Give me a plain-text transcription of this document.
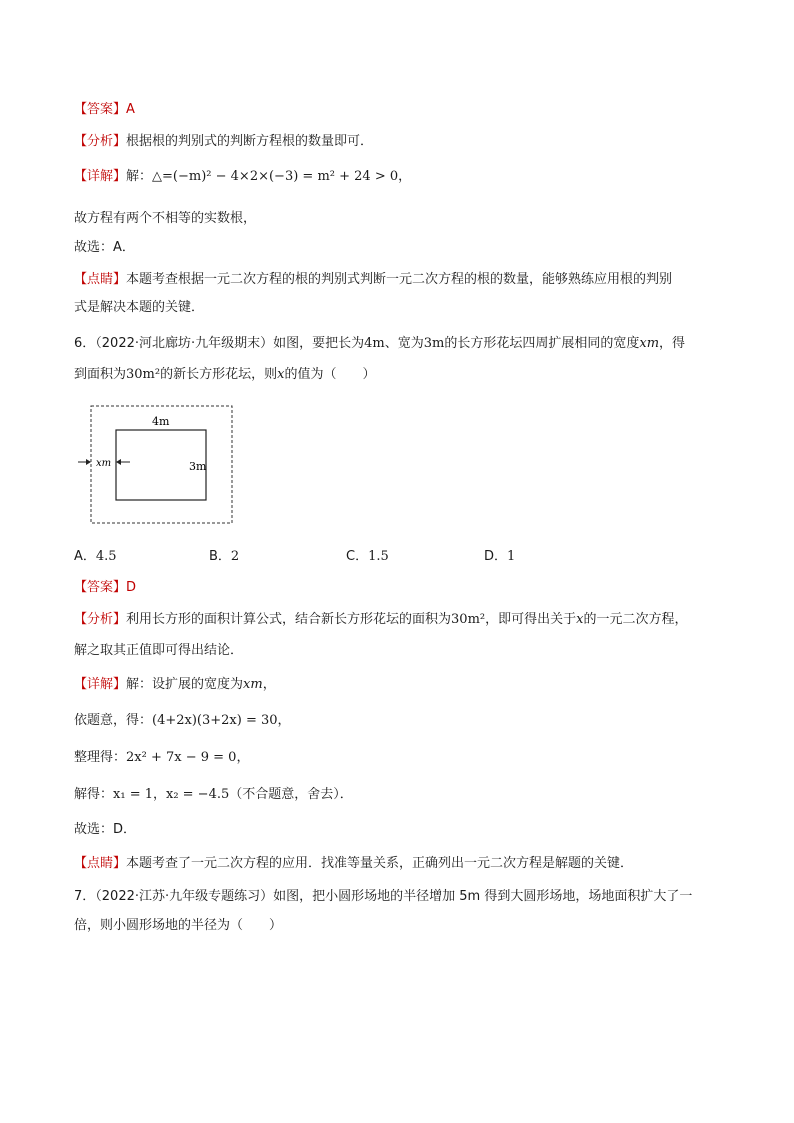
【答案】A
【分析】根据根的判别式的判断方程根的数量即可．
【详解】解：△=(−m)² − 4×2×(−3) = m² + 24 > 0，
故方程有两个不相等的实数根，
故选：A．
【点睛】本题考查根据一元二次方程的根的判别式判断一元二次方程的根的数量，能够熟练应用根的判别
式是解决本题的关键．
6．（2022·河北廊坊·九年级期末）如图，要把长为4m、宽为3m的长方形花坛四周扩展相同的宽度xm，得
到面积为30m²的新长方形花坛，则x的值为（　　）
4m
3m
xm
A．4.5	B．2	C．1.5	D．1
【答案】D
【分析】利用长方形的面积计算公式，结合新长方形花坛的面积为30m²，即可得出关于x的一元二次方程，
解之取其正值即可得出结论．
【详解】解：设扩展的宽度为xm，
依题意，得：(4+2x)(3+2x) = 30，
整理得：2x² + 7x − 9 = 0，
解得：x₁ = 1，x₂ = −4.5（不合题意，舍去）．
故选：D．
【点睛】本题考查了一元二次方程的应用．找准等量关系，正确列出一元二次方程是解题的关键．
7．（2022·江苏·九年级专题练习）如图，把小圆形场地的半径增加 5m 得到大圆形场地，场地面积扩大了一
倍，则小圆形场地的半径为（　　）
